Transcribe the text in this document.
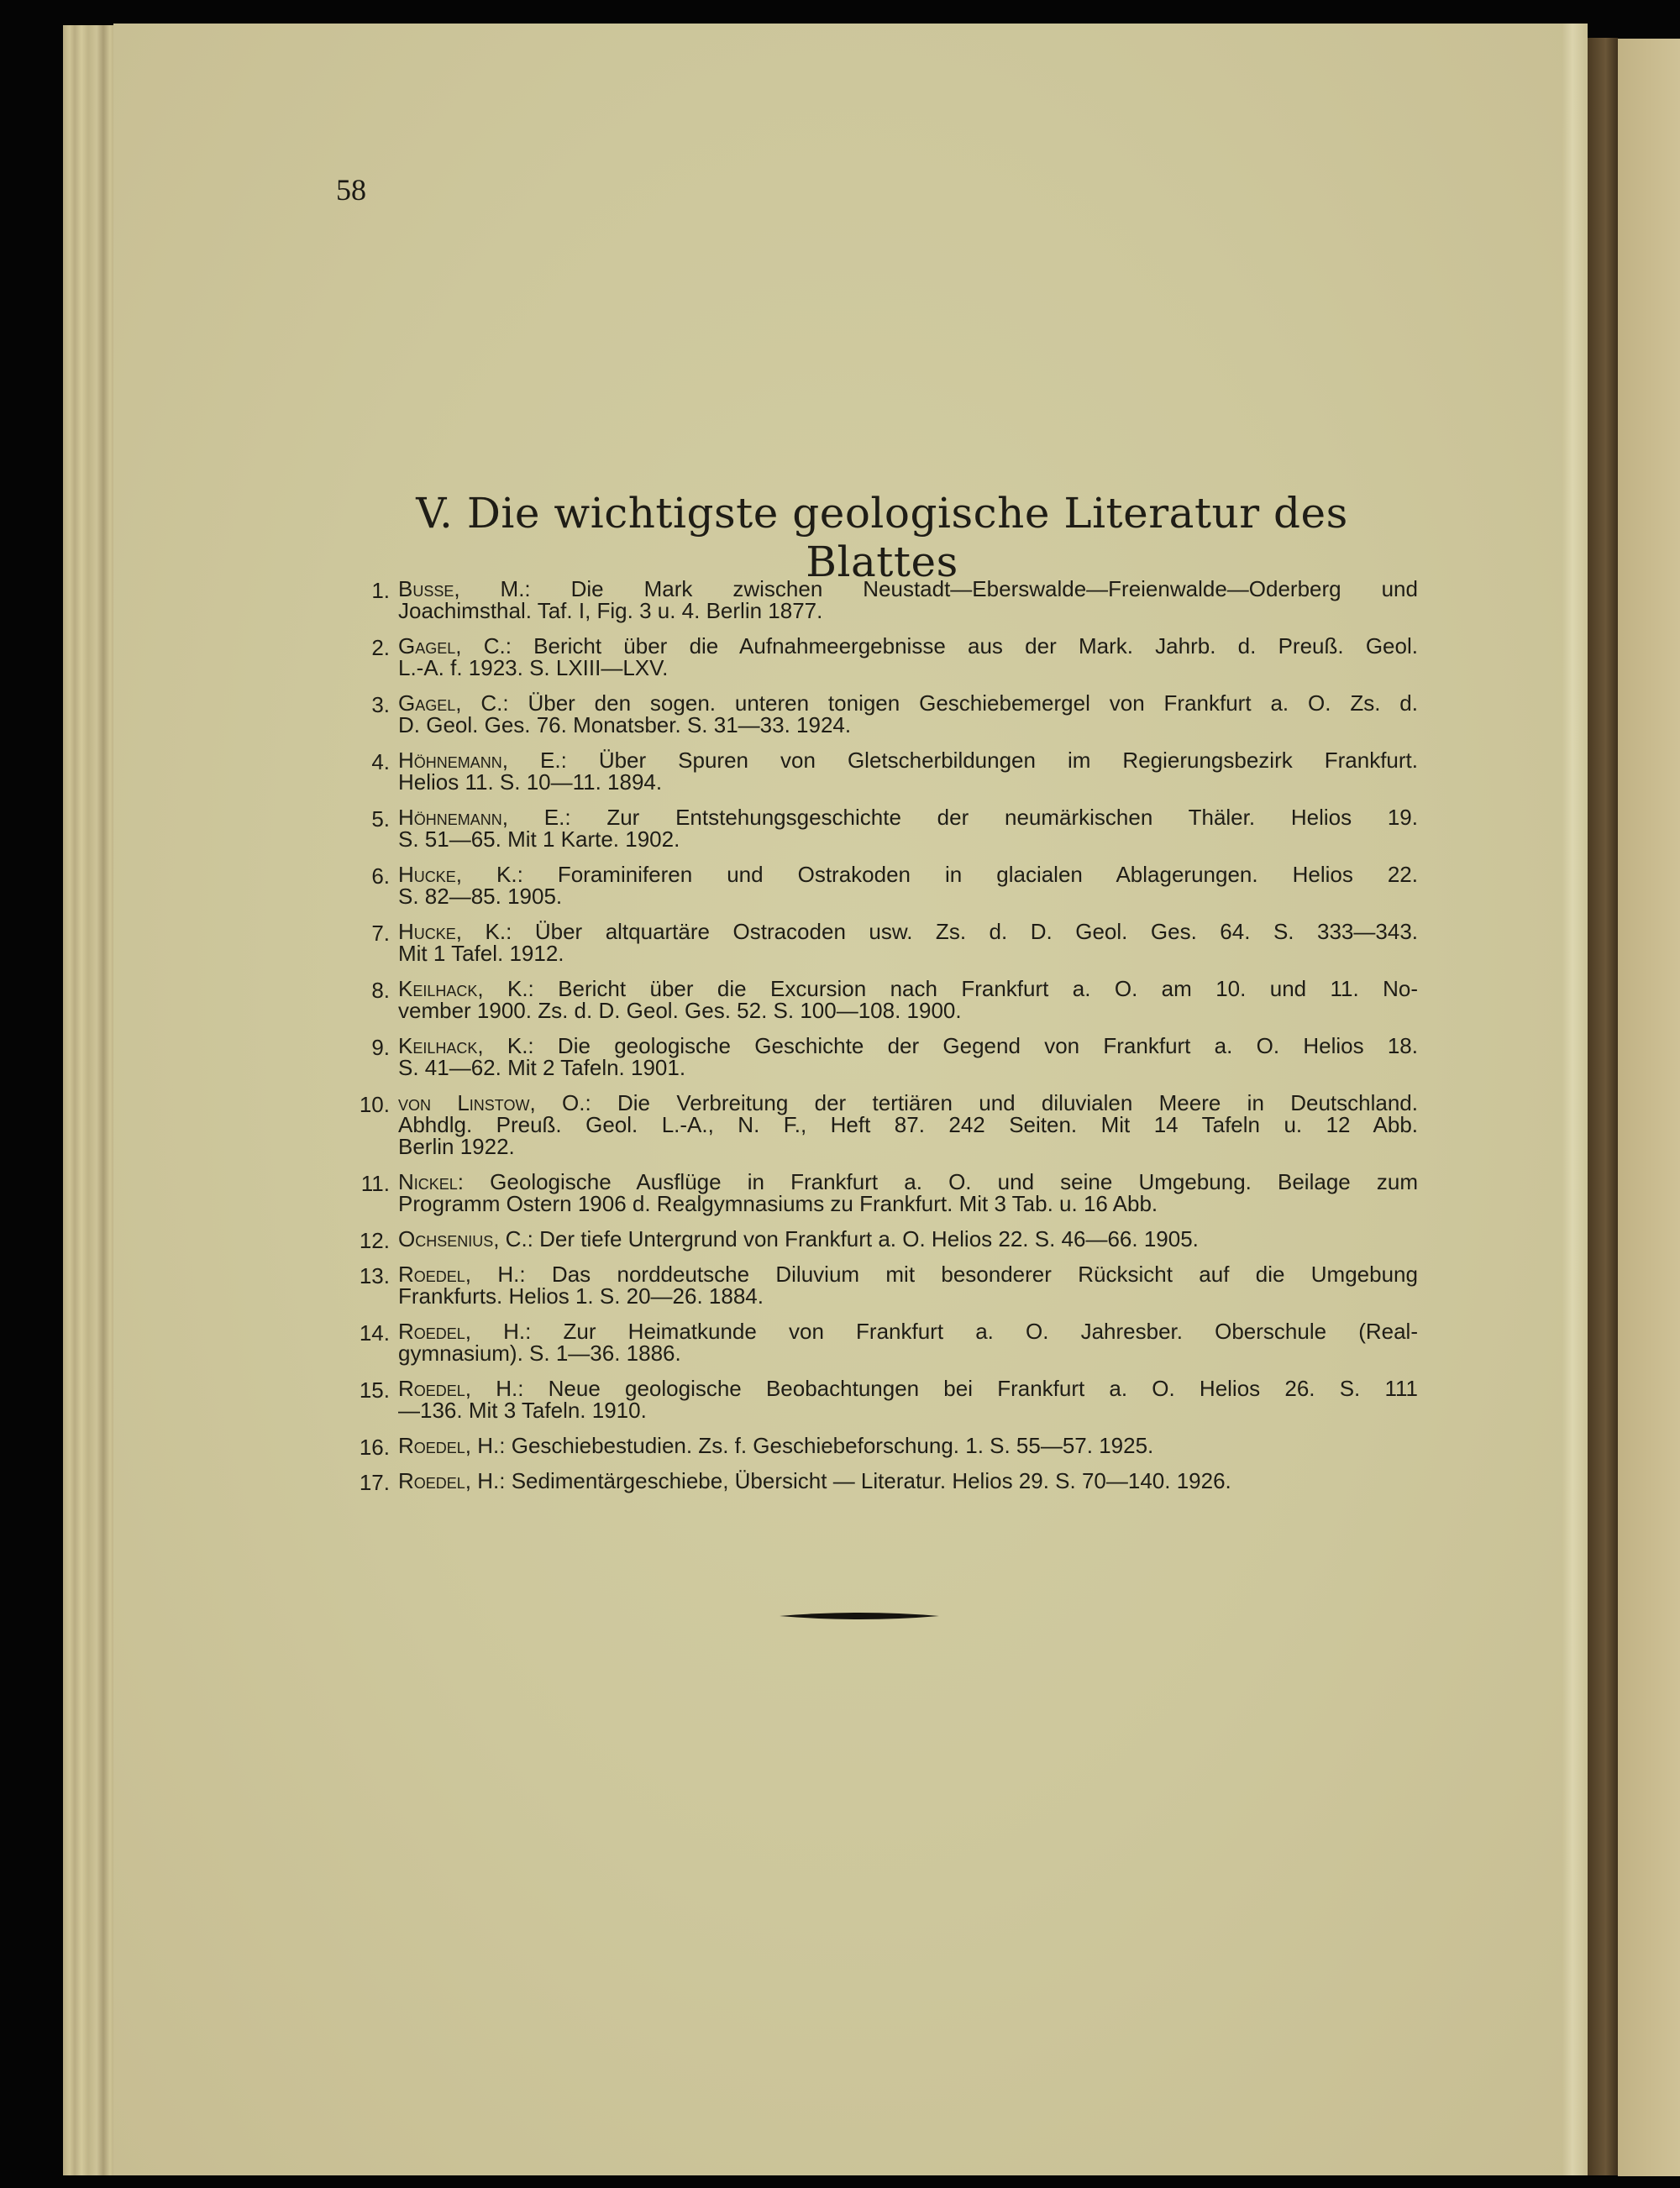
58
V. Die wichtigste geologische Literatur des Blattes
1. Busse, M.: Die Mark zwischen Neustadt—Eberswalde—Freienwalde—Oderberg und
Joachimsthal. Taf. I, Fig. 3 u. 4. Berlin 1877.
2. Gagel, C.: Bericht über die Aufnahmeergebnisse aus der Mark. Jahrb. d. Preuß. Geol.
L.-A. f. 1923. S. LXIII—LXV.
3. Gagel, C.: Über den sogen. unteren tonigen Geschiebemergel von Frankfurt a. O. Zs. d.
D. Geol. Ges. 76. Monatsber. S. 31—33. 1924.
4. Höhnemann, E.: Über Spuren von Gletscherbildungen im Regierungsbezirk Frankfurt.
Helios 11. S. 10—11. 1894.
5. Höhnemann, E.: Zur Entstehungsgeschichte der neumärkischen Thäler. Helios 19.
S. 51—65. Mit 1 Karte. 1902.
6. Hucke, K.: Foraminiferen und Ostrakoden in glacialen Ablagerungen. Helios 22.
S. 82—85. 1905.
7. Hucke, K.: Über altquartäre Ostracoden usw. Zs. d. D. Geol. Ges. 64. S. 333—343.
Mit 1 Tafel. 1912.
8. Keilhack, K.: Bericht über die Excursion nach Frankfurt a. O. am 10. und 11. No-
vember 1900. Zs. d. D. Geol. Ges. 52. S. 100—108. 1900.
9. Keilhack, K.: Die geologische Geschichte der Gegend von Frankfurt a. O. Helios 18.
S. 41—62. Mit 2 Tafeln. 1901.
10. von Linstow, O.: Die Verbreitung der tertiären und diluvialen Meere in Deutschland.
Abhdlg. Preuß. Geol. L.-A., N. F., Heft 87. 242 Seiten. Mit 14 Tafeln u. 12 Abb.
Berlin 1922.
11. Nickel: Geologische Ausflüge in Frankfurt a. O. und seine Umgebung. Beilage zum
Programm Ostern 1906 d. Realgymnasiums zu Frankfurt. Mit 3 Tab. u. 16 Abb.
12. Ochsenius, C.: Der tiefe Untergrund von Frankfurt a. O. Helios 22. S. 46—66. 1905.
13. Roedel, H.: Das norddeutsche Diluvium mit besonderer Rücksicht auf die Umgebung
Frankfurts. Helios 1. S. 20—26. 1884.
14. Roedel, H.: Zur Heimatkunde von Frankfurt a. O. Jahresber. Oberschule (Real-
gymnasium). S. 1—36. 1886.
15. Roedel, H.: Neue geologische Beobachtungen bei Frankfurt a. O. Helios 26. S. 111
—136. Mit 3 Tafeln. 1910.
16. Roedel, H.: Geschiebestudien. Zs. f. Geschiebeforschung. 1. S. 55—57. 1925.
17. Roedel, H.: Sedimentärgeschiebe, Übersicht — Literatur. Helios 29. S. 70—140. 1926.
